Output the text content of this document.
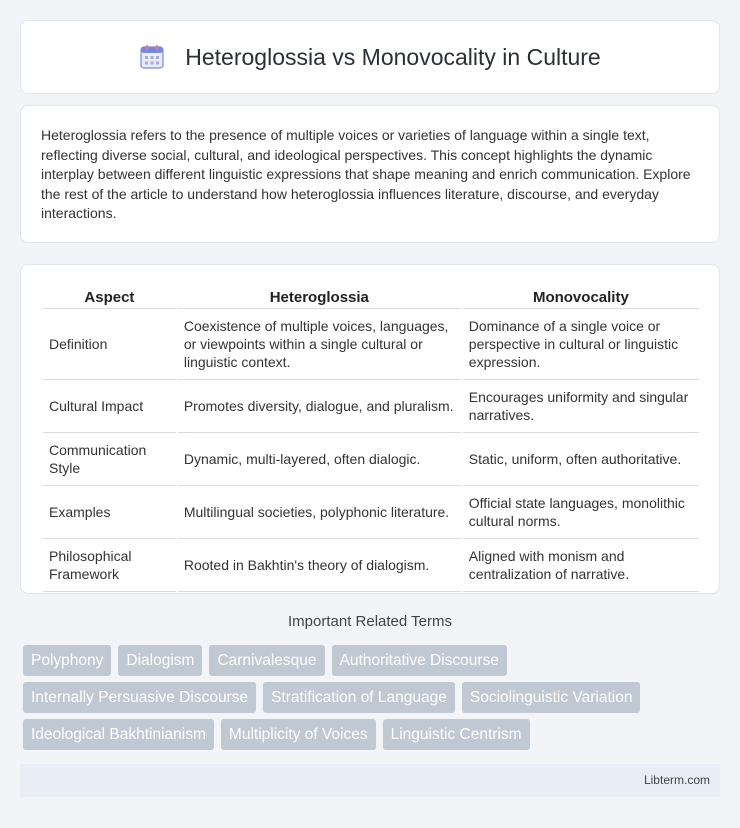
Heteroglossia vs Monovocality in Culture

Heteroglossia refers to the presence of multiple voices or varieties of language within a single text, reflecting diverse social, cultural, and ideological perspectives. This concept highlights the dynamic interplay between different linguistic expressions that shape meaning and enrich communication. Explore the rest of the article to understand how heteroglossia influences literature, discourse, and everyday interactions.

Aspect	Heteroglossia	Monovocality
Definition	Coexistence of multiple voices, languages, or viewpoints within a single cultural or linguistic context.	Dominance of a single voice or perspective in cultural or linguistic expression.
Cultural Impact	Promotes diversity, dialogue, and pluralism.	Encourages uniformity and singular narratives.
Communication Style	Dynamic, multi-layered, often dialogic.	Static, uniform, often authoritative.
Examples	Multilingual societies, polyphonic literature.	Official state languages, monolithic cultural norms.
Philosophical Framework	Rooted in Bakhtin's theory of dialogism.	Aligned with monism and centralization of narrative.
Important Related Terms
Polyphony	Dialogism	Carnivalesque	Authoritative Discourse
Internally Persuasive Discourse	Stratification of Language	Sociolinguistic Variation
Ideological Bakhtinianism	Multiplicity of Voices	Linguistic Centrism
Libterm.com
